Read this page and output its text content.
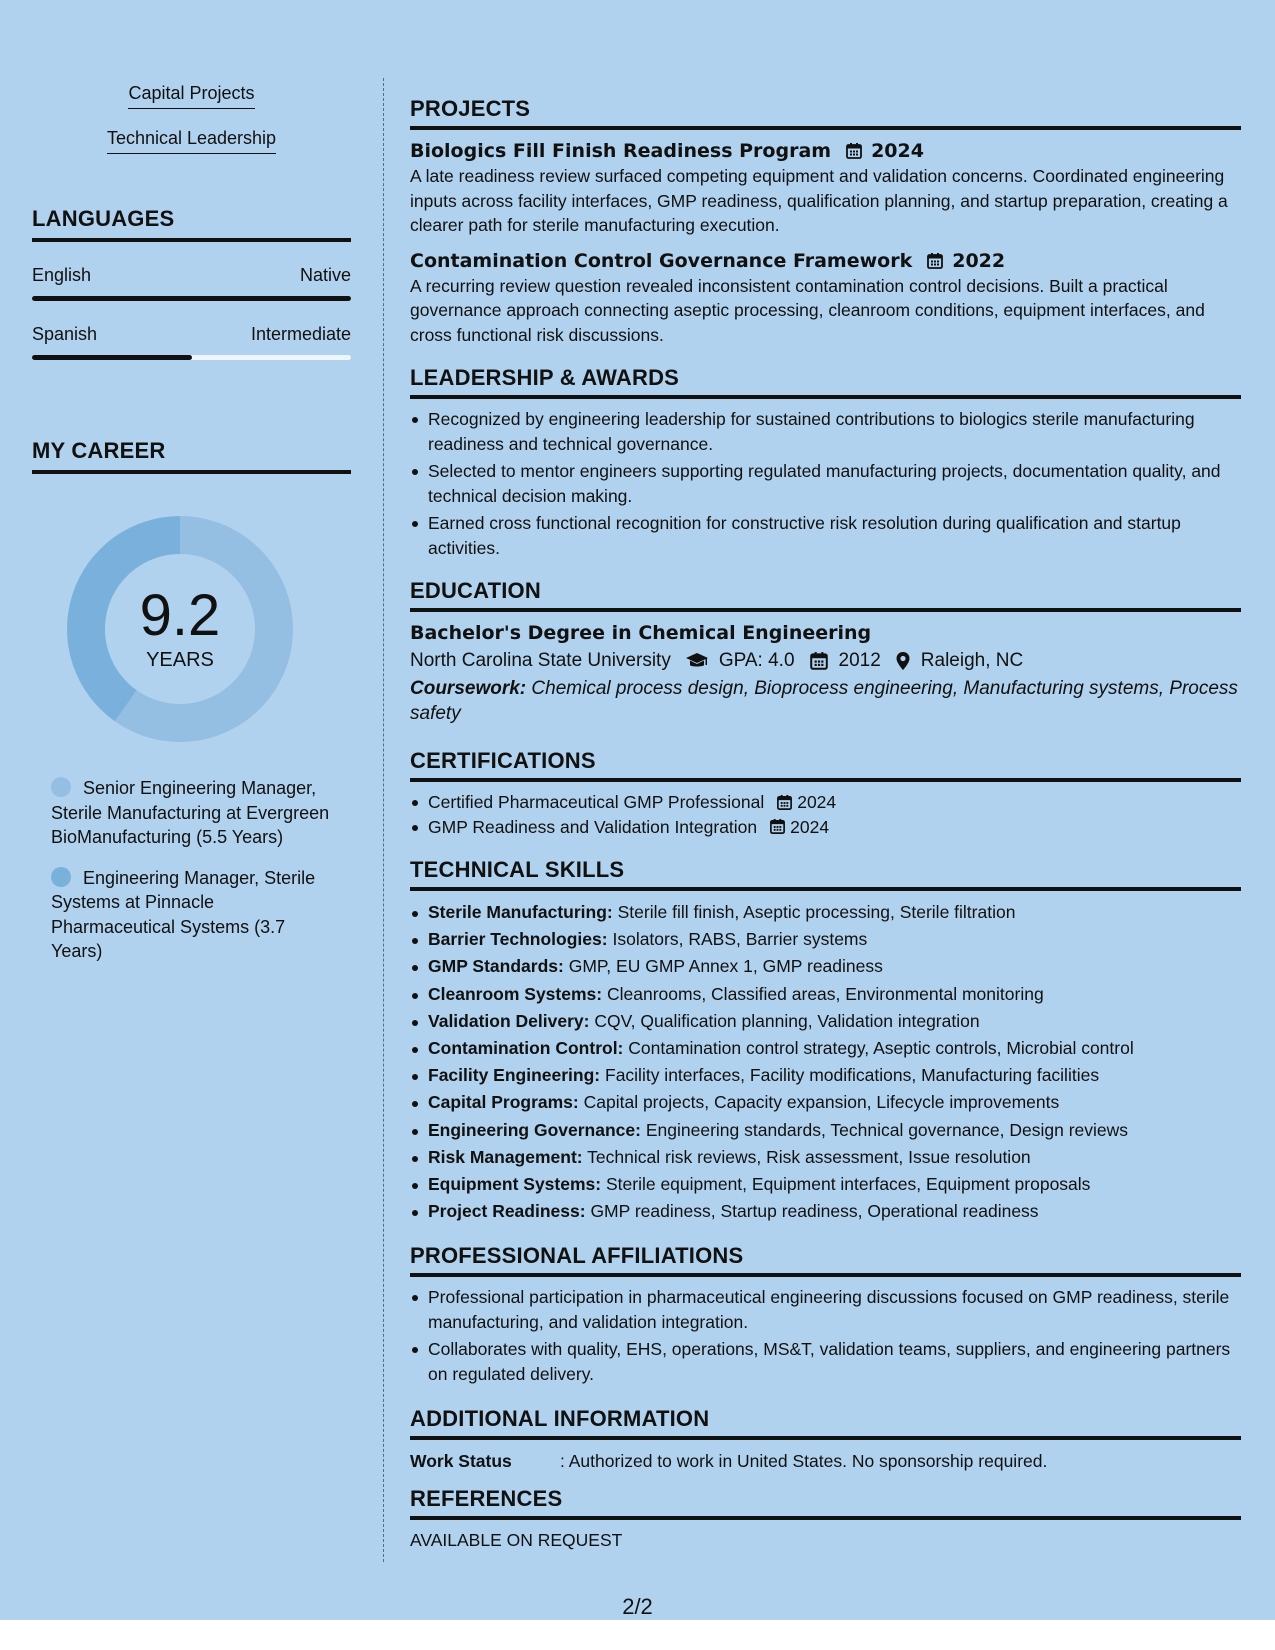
Capital Projects
Technical Leadership
LANGUAGES
English	Native
Spanish	Intermediate
MY CAREER
9.2
YEARS
Senior Engineering Manager, Sterile Manufacturing at Evergreen BioManufacturing (5.5 Years)
Engineering Manager, Sterile Systems at Pinnacle Pharmaceutical Systems (3.7 Years)
PROJECTS
Biologics Fill Finish Readiness Program 2024
A late readiness review surfaced competing equipment and validation concerns. Coordinated engineering inputs across facility interfaces, GMP readiness, qualification planning, and startup preparation, creating a clearer path for sterile manufacturing execution.
Contamination Control Governance Framework 2022
A recurring review question revealed inconsistent contamination control decisions. Built a practical governance approach connecting aseptic processing, cleanroom conditions, equipment interfaces, and cross functional risk discussions.
LEADERSHIP & AWARDS
Recognized by engineering leadership for sustained contributions to biologics sterile manufacturing readiness and technical governance.
Selected to mentor engineers supporting regulated manufacturing projects, documentation quality, and technical decision making.
Earned cross functional recognition for constructive risk resolution during qualification and startup activities.
EDUCATION
Bachelor's Degree in Chemical Engineering
North Carolina State University	GPA: 4.0 2012 Raleigh, NC
Coursework: Chemical process design, Bioprocess engineering, Manufacturing systems, Process safety
CERTIFICATIONS
Certified Pharmaceutical GMP Professional 2024
GMP Readiness and Validation Integration 2024
TECHNICAL SKILLS
Sterile Manufacturing: Sterile fill finish, Aseptic processing, Sterile filtration
Barrier Technologies: Isolators, RABS, Barrier systems
GMP Standards: GMP, EU GMP Annex 1, GMP readiness
Cleanroom Systems: Cleanrooms, Classified areas, Environmental monitoring
Validation Delivery: CQV, Qualification planning, Validation integration
Contamination Control: Contamination control strategy, Aseptic controls, Microbial control
Facility Engineering: Facility interfaces, Facility modifications, Manufacturing facilities
Capital Programs: Capital projects, Capacity expansion, Lifecycle improvements
Engineering Governance: Engineering standards, Technical governance, Design reviews
Risk Management: Technical risk reviews, Risk assessment, Issue resolution
Equipment Systems: Sterile equipment, Equipment interfaces, Equipment proposals
Project Readiness: GMP readiness, Startup readiness, Operational readiness
PROFESSIONAL AFFILIATIONS
Professional participation in pharmaceutical engineering discussions focused on GMP readiness, sterile manufacturing, and validation integration.
Collaborates with quality, EHS, operations, MS&T, validation teams, suppliers, and engineering partners on regulated delivery.
ADDITIONAL INFORMATION
Work Status	: Authorized to work in United States. No sponsorship required.
REFERENCES
AVAILABLE ON REQUEST
2/2
